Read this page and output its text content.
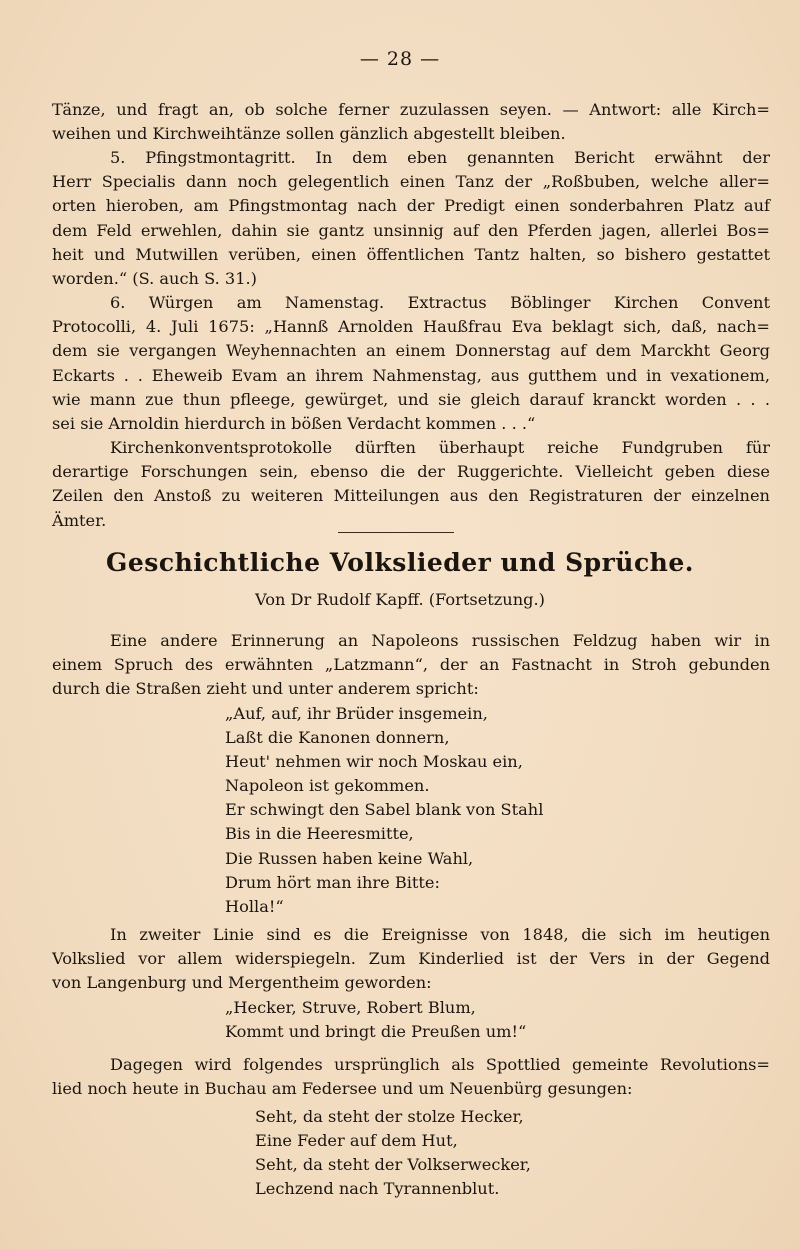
— 28 —
Tänze, und fragt an, ob solche ferner zuzulassen seyen. — Antwort: alle Kirch=
weihen und Kirchweihtänze sollen gänzlich abgestellt bleiben.
5. Pfingstmontagritt. In dem eben genannten Bericht erwähnt der
Herr Specialis dann noch gelegentlich einen Tanz der „Roßbuben, welche aller=
orten hieroben, am Pfingstmontag nach der Predigt einen sonderbahren Platz auf
dem Feld erwehlen, dahin sie gantz unsinnig auf den Pferden jagen, allerlei Bos=
heit und Mutwillen verüben, einen öffentlichen Tantz halten, so bishero gestattet
worden.“ (S. auch S. 31.)
6. Würgen am Namenstag. Extractus Böblinger Kirchen Convent
Protocolli, 4. Juli 1675: „Hannß Arnolden Haußfrau Eva beklagt sich, daß, nach=
dem sie vergangen Weyhennachten an einem Donnerstag auf dem Marckht Georg
Eckarts . . Eheweib Evam an ihrem Nahmenstag, aus gutthem und in vexationem,
wie mann zue thun pfleege, gewürget, und sie gleich darauf kranckt worden . . .
sei sie Arnoldin hierdurch in bößen Verdacht kommen . . .“
Kirchenkonventsprotokolle dürften überhaupt reiche Fundgruben für
derartige Forschungen sein, ebenso die der Ruggerichte. Vielleicht geben diese
Zeilen den Anstoß zu weiteren Mitteilungen aus den Registraturen der einzelnen
Ämter.
Geschichtliche Volkslieder und Sprüche.
Von Dr Rudolf Kapff. (Fortsetzung.)
Eine andere Erinnerung an Napoleons russischen Feldzug haben wir in
einem Spruch des erwähnten „Latzmann“, der an Fastnacht in Stroh gebunden
durch die Straßen zieht und unter anderem spricht:
„Auf, auf, ihr Brüder insgemein,
Laßt die Kanonen donnern,
Heut' nehmen wir noch Moskau ein,
Napoleon ist gekommen.
Er schwingt den Sabel blank von Stahl
Bis in die Heeresmitte,
Die Russen haben keine Wahl,
Drum hört man ihre Bitte:
Holla!“
In zweiter Linie sind es die Ereignisse von 1848, die sich im heutigen
Volkslied vor allem widerspiegeln. Zum Kinderlied ist der Vers in der Gegend
von Langenburg und Mergentheim geworden:
„Hecker, Struve, Robert Blum,
Kommt und bringt die Preußen um!“
Dagegen wird folgendes ursprünglich als Spottlied gemeinte Revolutions=
lied noch heute in Buchau am Federsee und um Neuenbürg gesungen:
Seht, da steht der stolze Hecker,
Eine Feder auf dem Hut,
Seht, da steht der Volkserwecker,
Lechzend nach Tyrannenblut.
